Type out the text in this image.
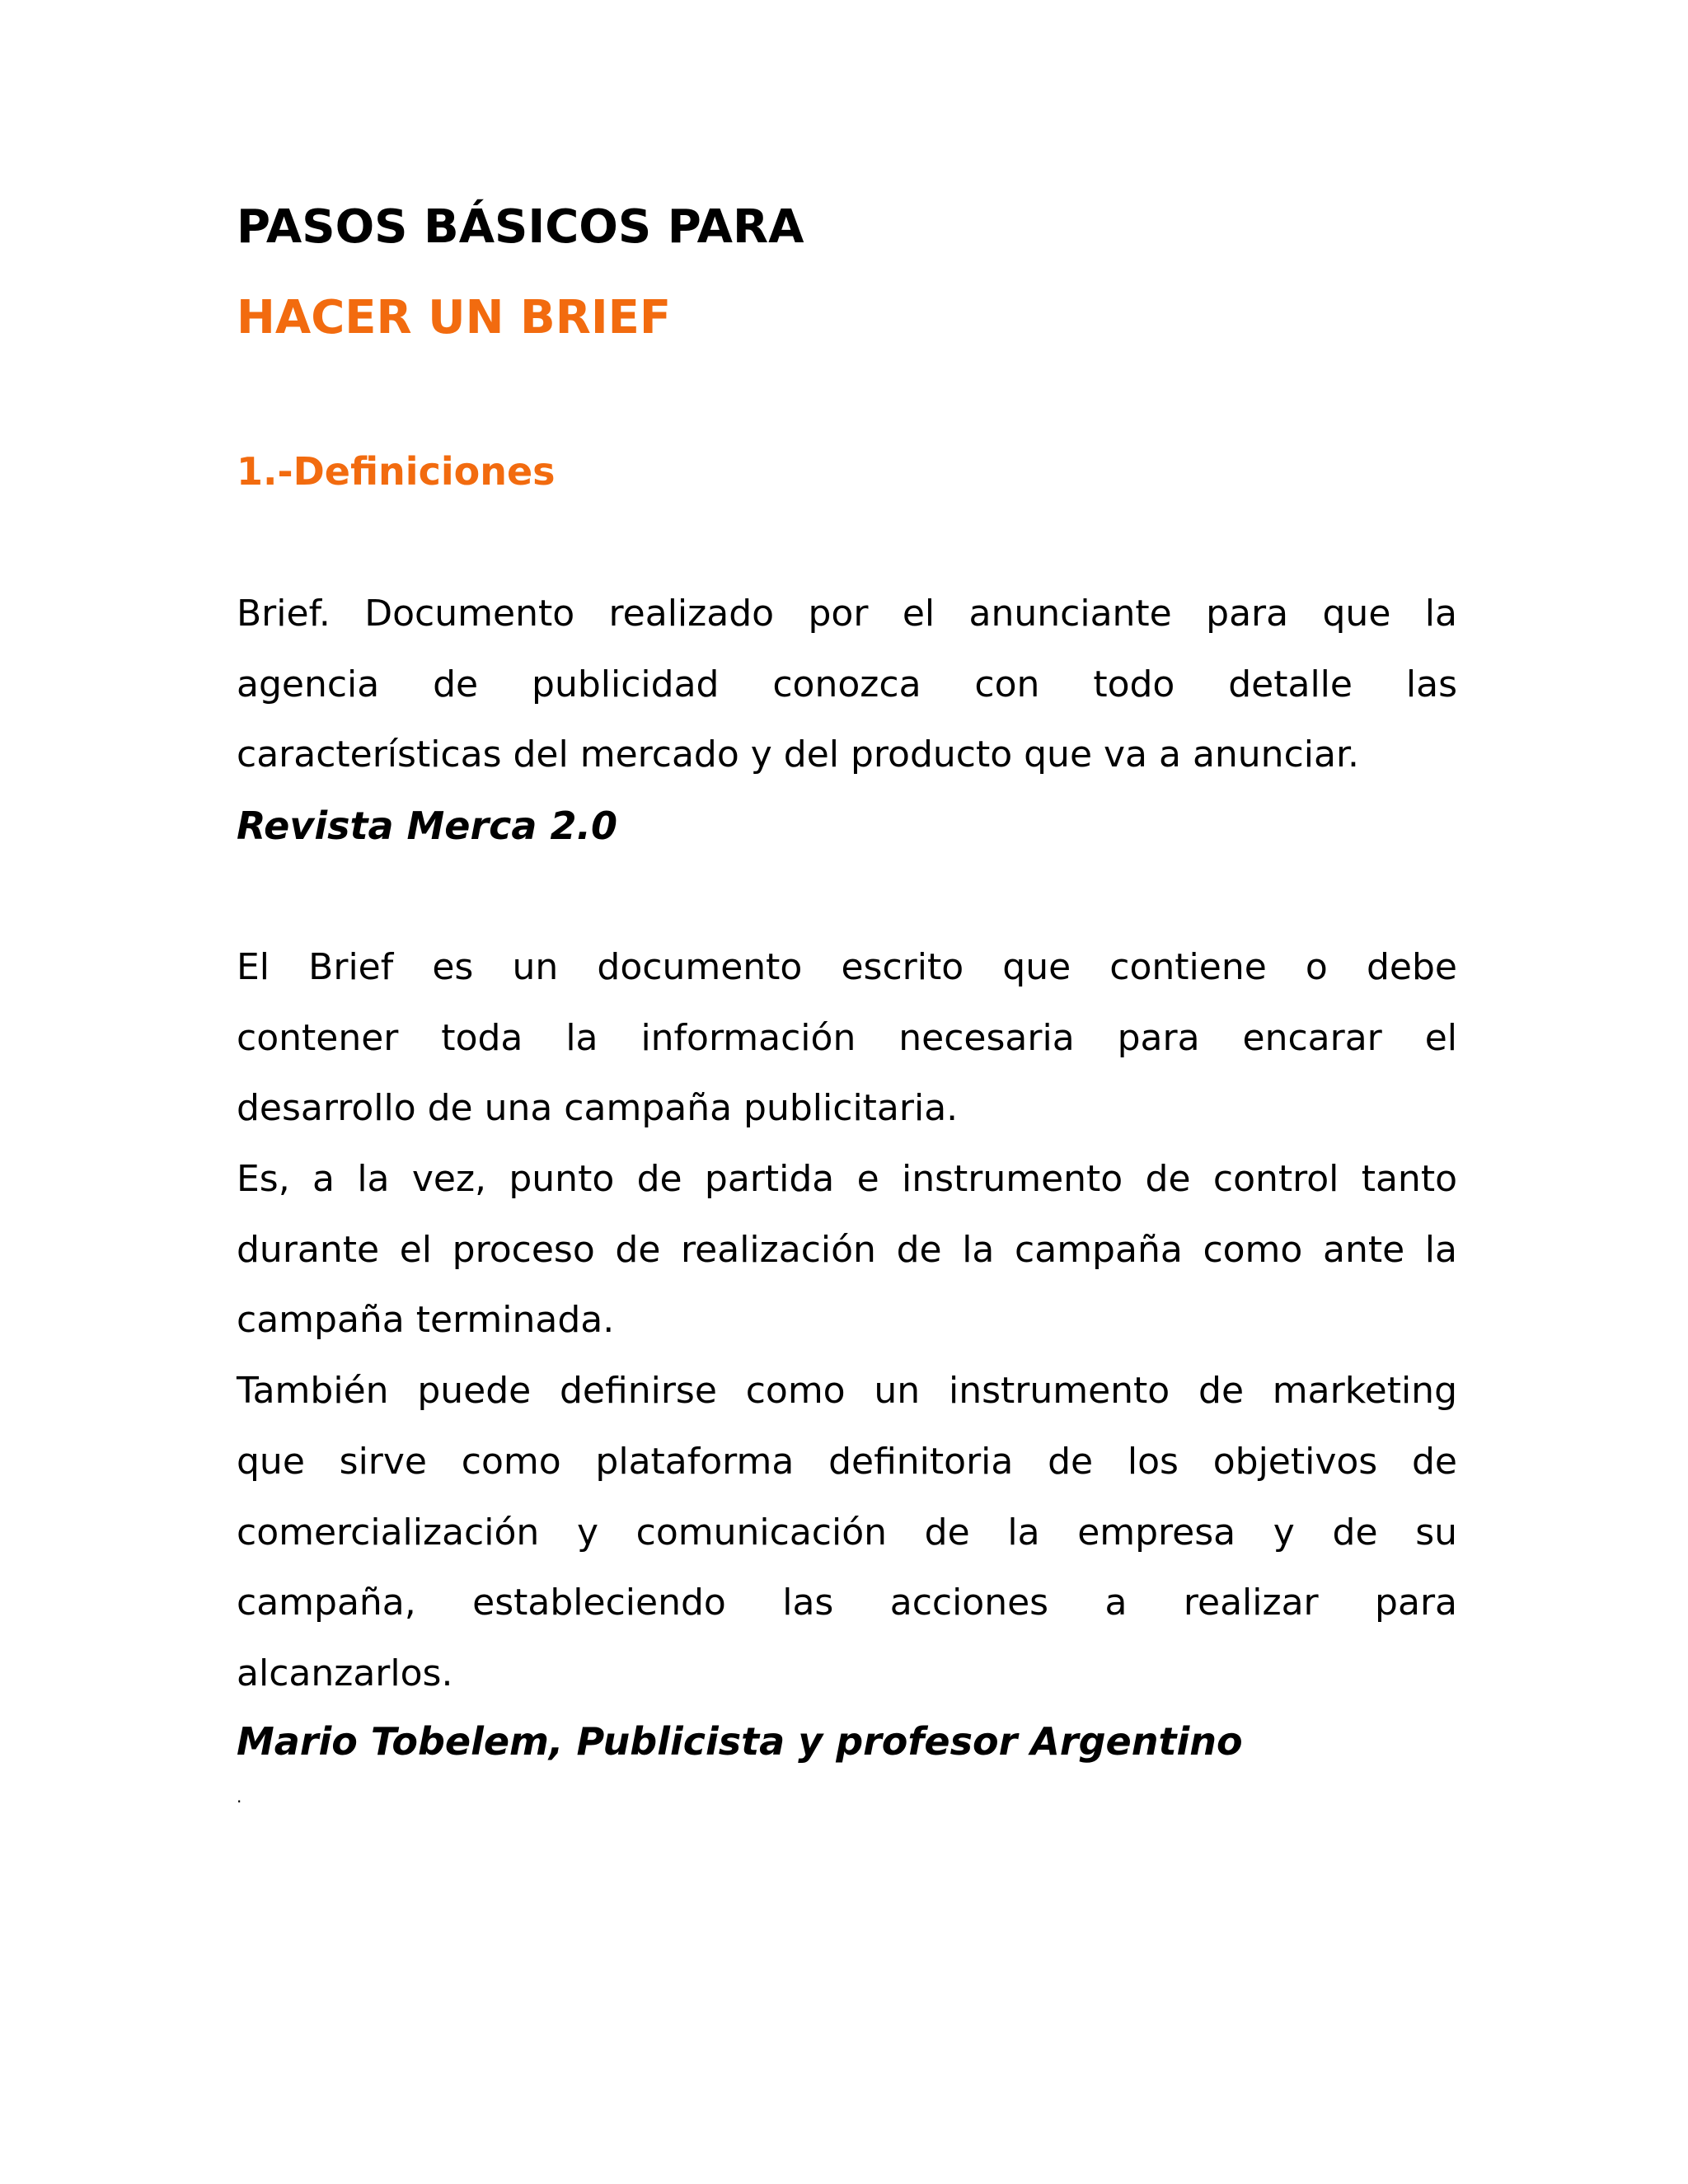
PASOS BÁSICOS PARA
HACER UN BRIEF
1.-Definiciones
Brief. Documento realizado por el anunciante para que la
agencia de publicidad conozca con todo detalle las
características del mercado y del producto que va a anunciar.

Revista Merca 2.0

El Brief es un documento escrito que contiene o debe
contener toda la información necesaria para encarar el
desarrollo de una campaña publicitaria.
Es, a la vez, punto de partida e instrumento de control tanto
durante el proceso de realización de la campaña como ante la
campaña terminada.
También puede definirse como un instrumento de marketing
que sirve como plataforma definitoria de los objetivos de
comercialización y comunicación de la empresa y de su
campaña, estableciendo las acciones a realizar para
alcanzarlos.

Mario Tobelem, Publicista y profesor Argentino

.
